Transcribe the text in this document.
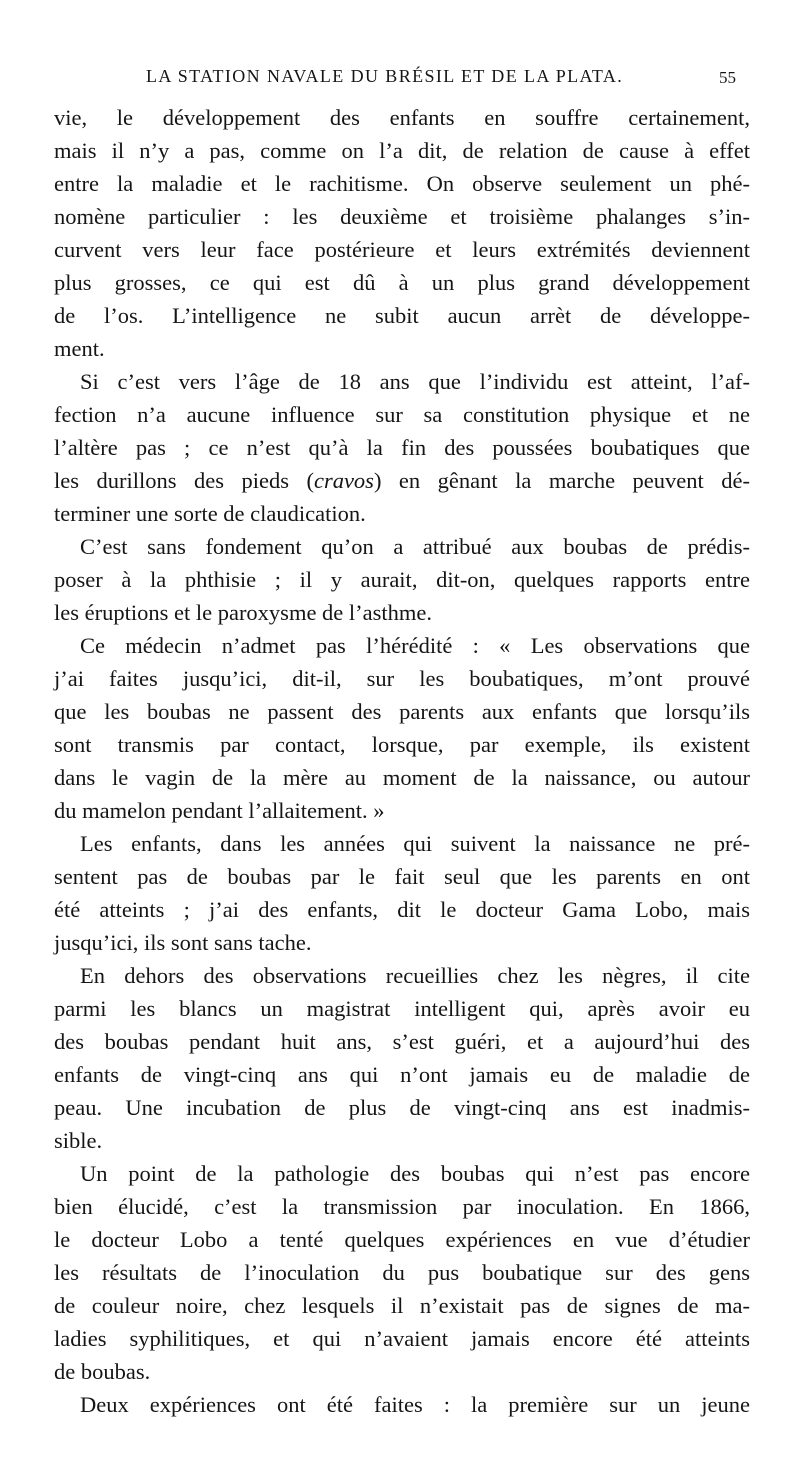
LA STATION NAVALE DU BRÉSIL ET DE LA PLATA.	55
vie, le développement des enfants en souffre certainement,
mais il n’y a pas, comme on l’a dit, de relation de cause à effet
entre la maladie et le rachitisme. On observe seulement un phé-
nomène particulier : les deuxième et troisième phalanges s’in-
curvent vers leur face postérieure et leurs extrémités deviennent
plus grosses, ce qui est dû à un plus grand développement
de l’os. L’intelligence ne subit aucun arrèt de développe-
ment.
Si c’est vers l’âge de 18 ans que l’individu est atteint, l’af-
fection n’a aucune influence sur sa constitution physique et ne
l’altère pas ; ce n’est qu’à la fin des poussées boubatiques que
les durillons des pieds (cravos) en gênant la marche peuvent dé-
terminer une sorte de claudication.
C’est sans fondement qu’on a attribué aux boubas de prédis-
poser à la phthisie ; il y aurait, dit-on, quelques rapports entre
les éruptions et le paroxysme de l’asthme.
Ce médecin n’admet pas l’hérédité : « Les observations que
j’ai faites jusqu’ici, dit-il, sur les boubatiques, m’ont prouvé
que les boubas ne passent des parents aux enfants que lorsqu’ils
sont transmis par contact, lorsque, par exemple, ils existent
dans le vagin de la mère au moment de la naissance, ou autour
du mamelon pendant l’allaitement. »
Les enfants, dans les années qui suivent la naissance ne pré-
sentent pas de boubas par le fait seul que les parents en ont
été atteints ; j’ai des enfants, dit le docteur Gama Lobo, mais
jusqu’ici, ils sont sans tache.
En dehors des observations recueillies chez les nègres, il cite
parmi les blancs un magistrat intelligent qui, après avoir eu
des boubas pendant huit ans, s’est guéri, et a aujourd’hui des
enfants de vingt-cinq ans qui n’ont jamais eu de maladie de
peau. Une incubation de plus de vingt-cinq ans est inadmis-
sible.
Un point de la pathologie des boubas qui n’est pas encore
bien élucidé, c’est la transmission par inoculation. En 1866,
le docteur Lobo a tenté quelques expériences en vue d’étudier
les résultats de l’inoculation du pus boubatique sur des gens
de couleur noire, chez lesquels il n’existait pas de signes de ma-
ladies syphilitiques, et qui n’avaient jamais encore été atteints
de boubas.
Deux expériences ont été faites : la première sur un jeune
